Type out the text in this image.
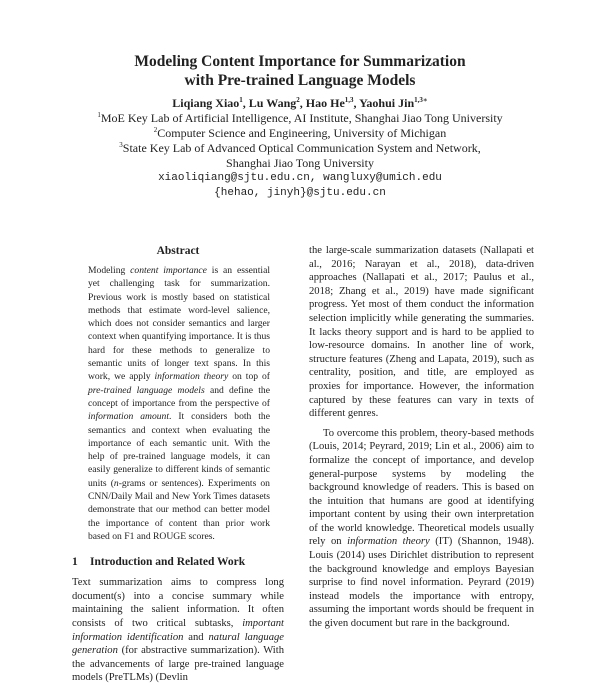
Modeling Content Importance for Summarization
with Pre-trained Language Models
Liqiang Xiao$^1$, Lu Wang$^2$, Hao He$^{1,3}$, Yaohui Jin$^{1,3∗}$
$^1$MoE Key Lab of Artificial Intelligence, AI Institute, Shanghai Jiao Tong University
$^2$Computer Science and Engineering, University of Michigan
$^3$State Key Lab of Advanced Optical Communication System and Network,
Shanghai Jiao Tong University
xiaoliqiang@sjtu.edu.cn, wangluxy@umich.edu
{hehao, jinyh}@sjtu.edu.cn
Abstract

Modeling content importance is an essential yet challenging task for summarization. Previous work is mostly based on statistical methods that estimate word-level salience, which does not consider semantics and larger context when quantifying importance. It is thus hard for these methods to generalize to semantic units of longer text spans. In this work, we apply information theory on top of pre-trained language models and define the concept of importance from the perspective of information amount. It considers both the semantics and context when evaluating the importance of each semantic unit. With the help of pre-trained language models, it can easily generalize to different kinds of semantic units (n-grams or sentences). Experiments on CNN/Daily Mail and New York Times datasets demonstrate that our method can better model the importance of content than prior work based on F1 and ROUGE scores.

1 Introduction and Related Work

Text summarization aims to compress long document(s) into a concise summary while maintaining the salient information. It often consists of two critical subtasks, important information identification and natural language generation (for abstractive summarization). With the advancements of large pre-trained language models (PreTLMs) (Devlin

the large-scale summarization datasets (Nallapati et al., 2016; Narayan et al., 2018), data-driven approaches (Nallapati et al., 2017; Paulus et al., 2018; Zhang et al., 2019) have made significant progress. Yet most of them conduct the information selection implicitly while generating the summaries. It lacks theory support and is hard to be applied to low-resource domains. In another line of work, structure features (Zheng and Lapata, 2019), such as centrality, position, and title, are employed as proxies for importance. However, the information captured by these features can vary in texts of different genres.

To overcome this problem, theory-based methods (Louis, 2014; Peyrard, 2019; Lin et al., 2006) aim to formalize the concept of importance, and develop general-purpose systems by modeling the background knowledge of readers. This is based on the intuition that humans are good at identifying important content by using their own interpretation of the world knowledge. Theoretical models usually rely on information theory (IT) (Shannon, 1948). Louis (2014) uses Dirichlet distribution to represent the background knowledge and employs Bayesian surprise to find novel information. Peyrard (2019) instead models the importance with entropy, assuming the important words should be frequent in the given document but rare in the background.
